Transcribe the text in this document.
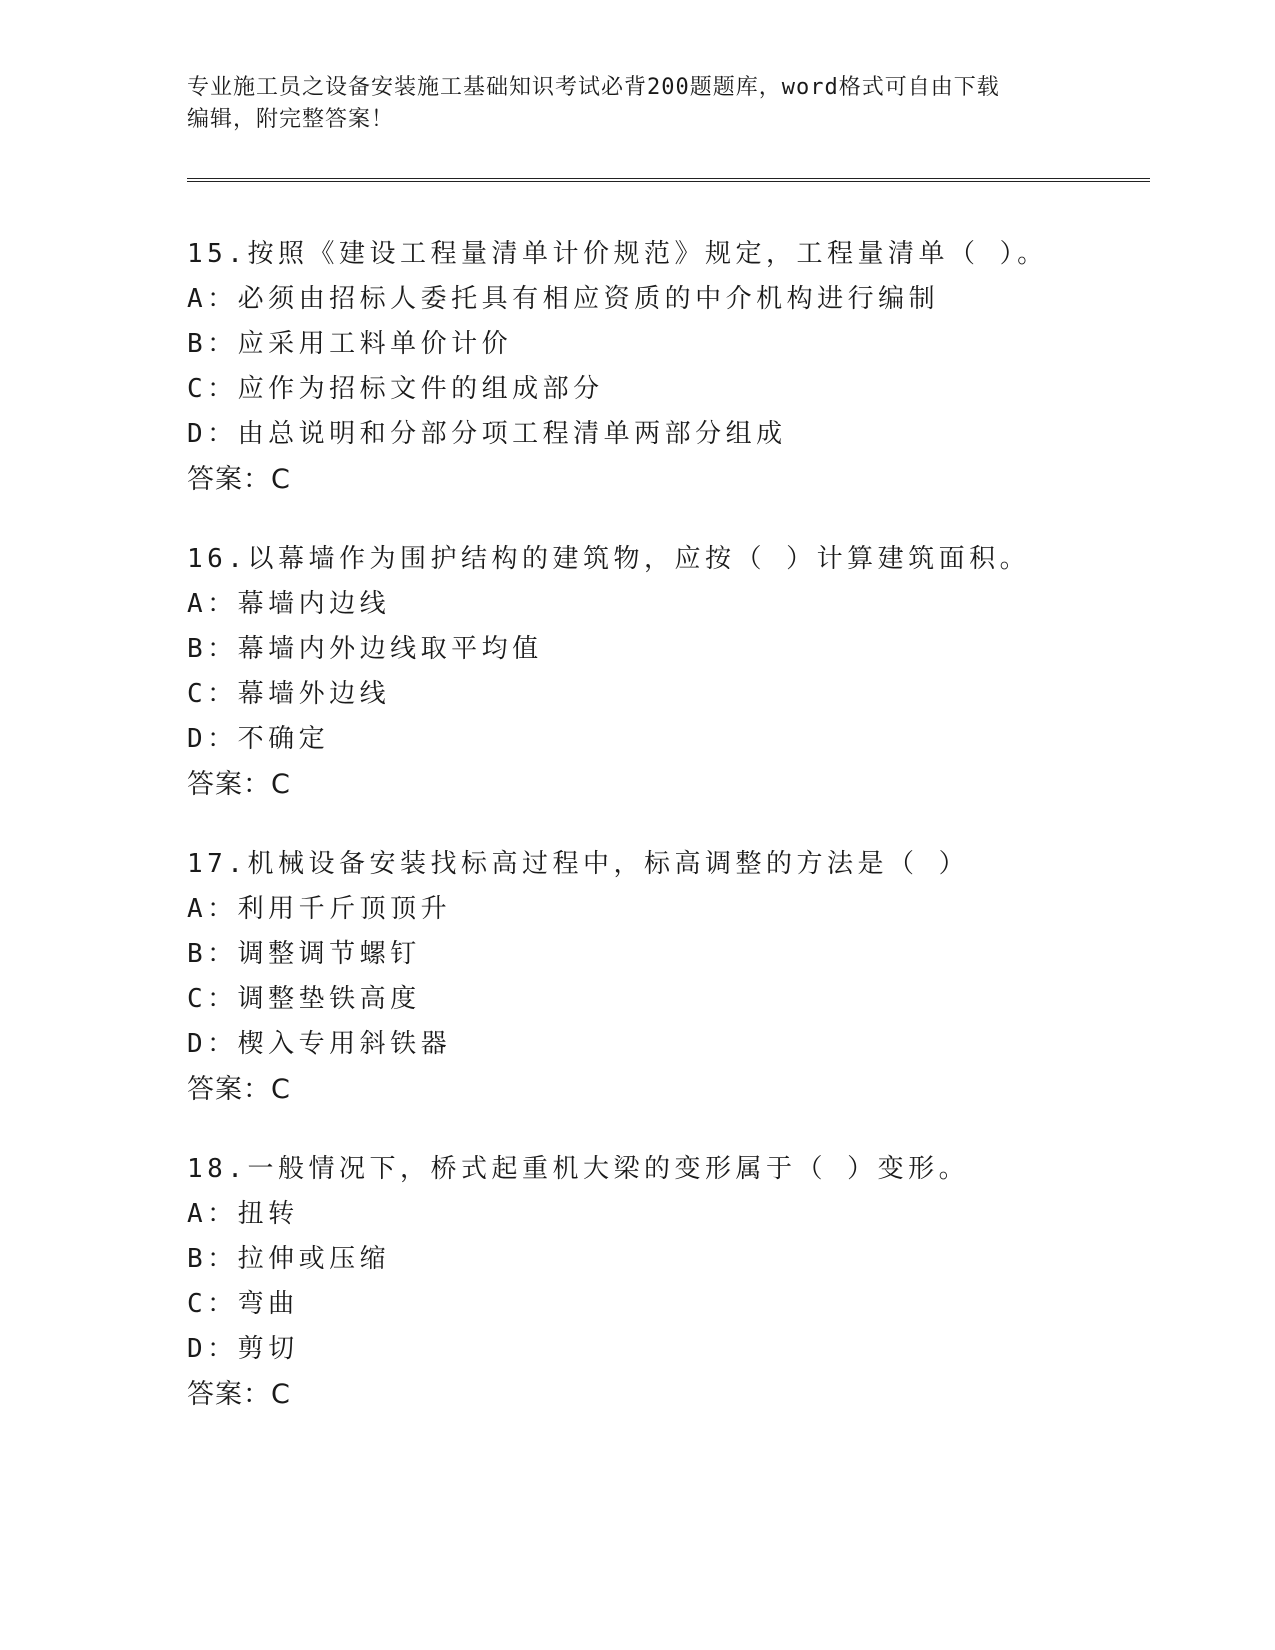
专业施工员之设备安装施工基础知识考试必背200题题库，word格式可自由下载
编辑，附完整答案！
15.按照《建设工程量清单计价规范》规定，工程量清单（ ）。
A：必须由招标人委托具有相应资质的中介机构进行编制
B：应采用工料单价计价
C：应作为招标文件的组成部分
D：由总说明和分部分项工程清单两部分组成
答案：C
16.以幕墙作为围护结构的建筑物，应按（ ）计算建筑面积。
A：幕墙内边线
B：幕墙内外边线取平均值
C：幕墙外边线
D：不确定
答案：C
17.机械设备安装找标高过程中，标高调整的方法是（ ）
A：利用千斤顶顶升
B：调整调节螺钉
C：调整垫铁高度
D：楔入专用斜铁器
答案：C
18.一般情况下，桥式起重机大梁的变形属于（ ）变形。
A：扭转
B：拉伸或压缩
C：弯曲
D：剪切
答案：C
